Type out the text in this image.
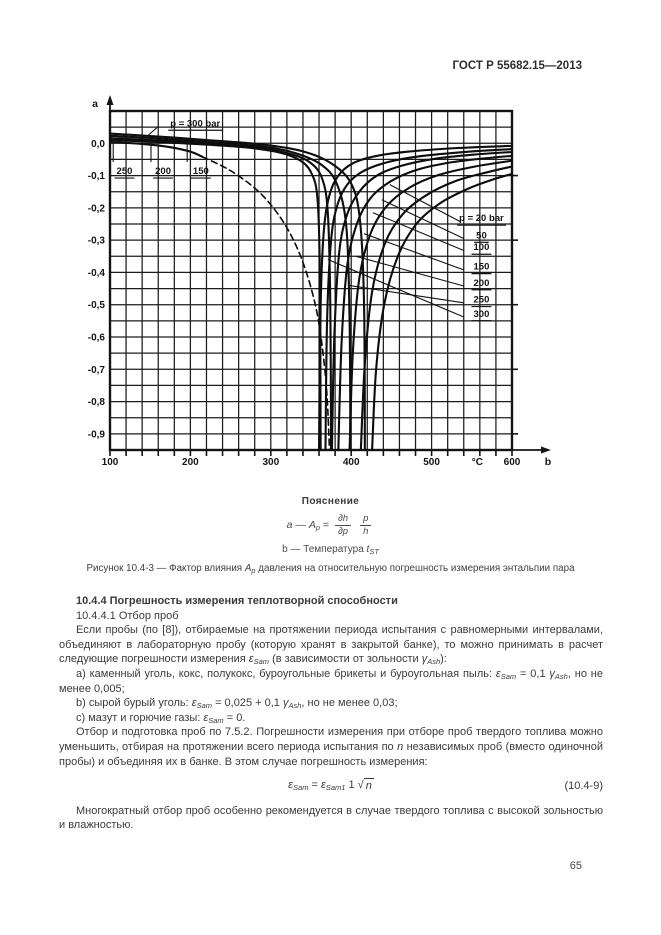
ГОСТ Р 55682.15—2013
a
b
°C
100	200	300	400	500	600
0,0
-0,1
-0,2
-0,3
-0,4
-0,5
-0,6
-0,7
-0,8
-0,9
p = 300 bar
250 200 150
p = 20 bar
50
100
150
200
250
300
Пояснение
a — $A_p = \frac{\partial h}{\partial p} \frac{p}{h}$
b — Температура $t_{ST}$
Рисунок 10.4-3 — Фактор влияния $A_p$ давления на относительную погрешность измерения энтальпии пара

10.4.4 Погрешность измерения теплотворной способности

10.4.4.1 Отбор проб

Если пробы (по [8]), отбираемые на протяжении периода испытания с равномерными интервалами, объединяют в лабораторную пробу (которую хранят в закрытой банке), то можно принимать в расчет следующие погрешности измерения $\varepsilon_{Sam}$ (в зависимости от зольности $\gamma_{Ash}$):

а) каменный уголь, кокс, полукокс, буроугольные брикеты и буроугольная пыль: $\varepsilon_{Sam} = 0,1$ $\gamma_{Ash}$, но не менее 0,005;

b) сырой бурый уголь: $\varepsilon_{Sam} = 0,025 + 0,1$ $\gamma_{Ash}$, но не менее 0,03;

c) мазут и горючие газы: $\varepsilon_{Sam} = 0$.

Отбор и подготовка проб по 7.5.2. Погрешности измерения при отборе проб твердого топлива можно уменьшить, отбирая на протяжении всего периода испытания по n независимых проб (вместо одиночной пробы) и объединяя их в банке. В этом случае погрешность измерения:

$\varepsilon_{Sam} = \varepsilon_{Sam1}$ 1 √ n	(10.4-9)

Многократный отбор проб особенно рекомендуется в случае твердого топлива с высокой зольностью и влажностью.

65
